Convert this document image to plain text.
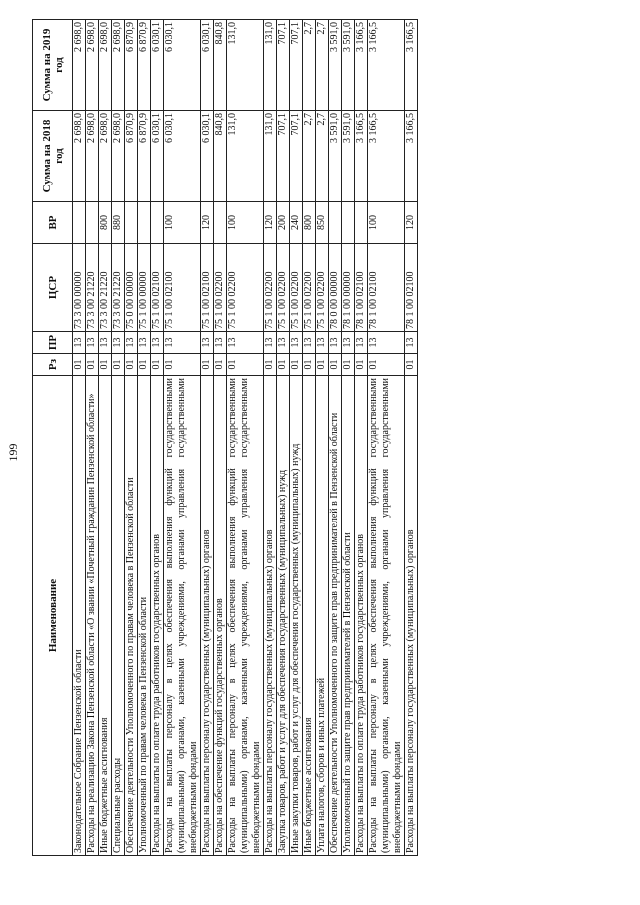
199
Наименование	Рз	ПР	ЦСР	ВР	Сумма на 2018 год	Сумма на 2019 год
Законодательное Собрание Пензенской области	01	13	73 3 00 00000		2 698,0	2 698,0
Расходы на реализацию Закона Пензенской области «О звании «Почетный гражданин Пензенской области»	01	13	73 3 00 21220		2 698,0	2 698,0
Иные бюджетные ассигнования	01	13	73 3 00 21220	800	2 698,0	2 698,0
Специальные расходы	01	13	73 3 00 21220	880	2 698,0	2 698,0
Обеспечение деятельности Уполномоченного по правам человека в Пензенской области	01	13	75 0 00 00000		6 870,9	6 870,9
Уполномоченный по правам человека в Пензенской области	01	13	75 1 00 00000		6 870,9	6 870,9
Расходы на выплаты по оплате труда работников государственных органов	01	13	75 1 00 02100		6 030,1	6 030,1
Расходы на выплаты персоналу в целях обеспечения выполнения функций государственными (муниципальными) органами, казенными учреждениями, органами управления государственными внебюджетными фондами	01	13	75 1 00 02100	100	6 030,1	6 030,1
Расходы на выплаты персоналу государственных (муниципальных) органов	01	13	75 1 00 02100	120	6 030,1	6 030,1
Расходы на обеспечение функций государственных органов	01	13	75 1 00 02200		840,8	840,8
Расходы на выплаты персоналу в целях обеспечения выполнения функций государственными (муниципальными) органами, казенными учреждениями, органами управления государственными внебюджетными фондами	01	13	75 1 00 02200	100	131,0	131,0
Расходы на выплаты персоналу государственных (муниципальных) органов	01	13	75 1 00 02200	120	131,0	131,0
Закупка товаров, работ и услуг для обеспечения государственных (муниципальных) нужд	01	13	75 1 00 02200	200	707,1	707,1
Иные закупки товаров, работ и услуг для обеспечения государственных (муниципальных) нужд	01	13	75 1 00 02200	240	707,1	707,1
Иные бюджетные ассигнования	01	13	75 1 00 02200	800	2,7	2,7
Уплата налогов, сборов и иных платежей	01	13	75 1 00 02200	850	2,7	2,7
Обеспечение деятельности Уполномоченного по защите прав предпринимателей в Пензенской области	01	13	78 0 00 00000		3 591,0	3 591,0
Уполномоченный по защите прав предпринимателей в Пензенской области	01	13	78 1 00 00000		3 591,0	3 591,0
Расходы на выплаты по оплате труда работников государственных органов	01	13	78 1 00 02100		3 166,5	3 166,5
Расходы на выплаты персоналу в целях обеспечения выполнения функций государственными (муниципальными) органами, казенными учреждениями, органами управления государственными внебюджетными фондами	01	13	78 1 00 02100	100	3 166,5	3 166,5
Расходы на выплаты персоналу государственных (муниципальных) органов	01	13	78 1 00 02100	120	3 166,5	3 166,5
